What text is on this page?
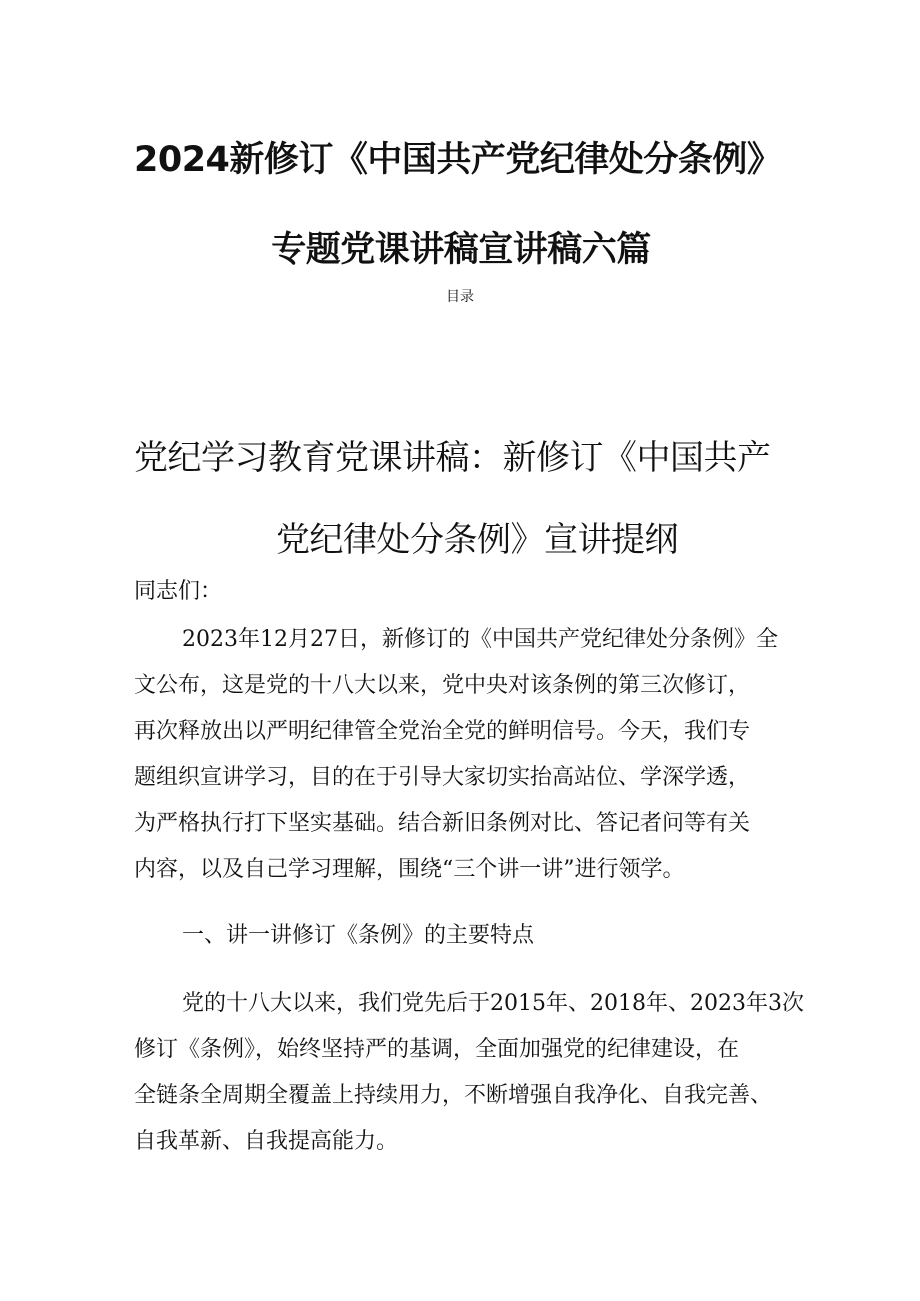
2024新修订《中国共产党纪律处分条例》
专题党课讲稿宣讲稿六篇

目录

党纪学习教育党课讲稿：新修订《中国共产
党纪律处分条例》宣讲提纲

同志们：

2023年12月27日，新修订的《中国共产党纪律处分条例》全

文公布，这是党的十八大以来，党中央对该条例的第三次修订，

再次释放出以严明纪律管全党治全党的鲜明信号。今天，我们专

题组织宣讲学习，目的在于引导大家切实抬高站位、学深学透，

为严格执行打下坚实基础。结合新旧条例对比、答记者问等有关

内容，以及自己学习理解，围绕“三个讲一讲”进行领学。

一、讲一讲修订《条例》的主要特点

党的十八大以来，我们党先后于2015年、2018年、2023年3次

修订《条例》，始终坚持严的基调，全面加强党的纪律建设，在

全链条全周期全覆盖上持续用力，不断增强自我净化、自我完善、

自我革新、自我提高能力。
